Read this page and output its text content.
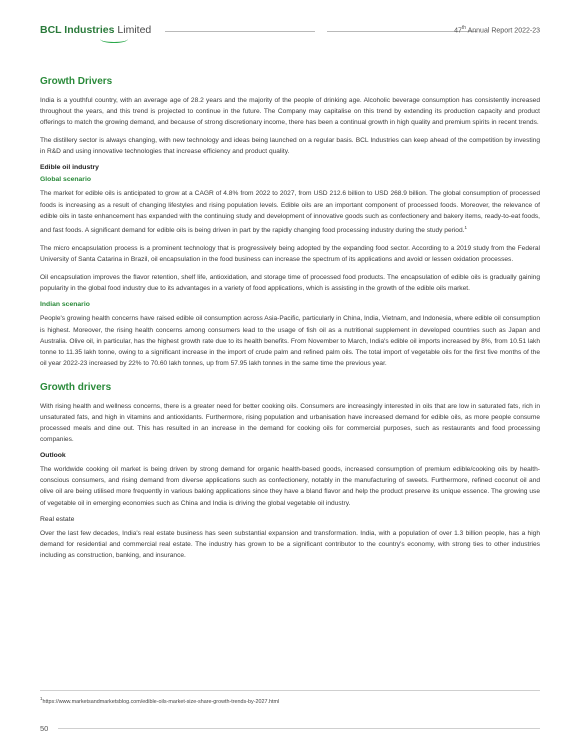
BCL Industries Limited	47th Annual Report 2022-23
Growth Drivers

India is a youthful country, with an average age of 28.2 years and the majority of the people of drinking age. Alcoholic beverage consumption has consistently increased throughout the years, and this trend is projected to continue in the future. The Company may capitalise on this trend by extending its production capacity and product offerings to match the growing demand, and because of strong discretionary income, there has been a continual growth in high quality and premium spirits in recent trends.

The distillery sector is always changing, with new technology and ideas being launched on a regular basis. BCL Industries can keep ahead of the competition by investing in R&D and using innovative technologies that increase efficiency and product quality.

Edible oil industry
Global scenario

The market for edible oils is anticipated to grow at a CAGR of 4.8% from 2022 to 2027, from USD 212.6 billion to USD 268.9 billion. The global consumption of processed foods is increasing as a result of changing lifestyles and rising population levels. Edible oils are an important component of processed foods. Moreover, the relevance of edible oils in taste enhancement has expanded with the continuing study and development of innovative goods such as confectionery and bakery items, ready-to-eat foods, and fast foods. A significant demand for edible oils is being driven in part by the rapidly changing food processing industry during the study period.$^1$

The micro encapsulation process is a prominent technology that is progressively being adopted by the expanding food sector. According to a 2019 study from the Federal University of Santa Catarina in Brazil, oil encapsulation in the food business can increase the spectrum of its applications and avoid or lessen oxidation processes.

Oil encapsulation improves the flavor retention, shelf life, antioxidation, and storage time of processed food products. The encapsulation of edible oils is gradually gaining popularity in the global food industry due to its advantages in a variety of food applications, which is assisting in the growth of the edible oils market.

Indian scenario

People's growing health concerns have raised edible oil consumption across Asia-Pacific, particularly in China, India, Vietnam, and Indonesia, where edible oil consumption is highest. Moreover, the rising health concerns among consumers lead to the usage of fish oil as a nutritional supplement in developed countries such as Japan and Australia. Olive oil, in particular, has the highest growth rate due to its health benefits. From November to March, India's edible oil imports increased by 8%, from 10.51 lakh tonne to 11.35 lakh tonne, owing to a significant increase in the import of crude palm and refined palm oils. The total import of vegetable oils for the first five months of the oil year 2022-23 increased by 22% to 70.60 lakh tonnes, up from 57.95 lakh tonnes in the same time the previous year.

Growth drivers

With rising health and wellness concerns, there is a greater need for better cooking oils. Consumers are increasingly interested in oils that are low in saturated fats, rich in unsaturated fats, and high in vitamins and antioxidants. Furthermore, rising population and urbanisation have increased demand for edible oils, as more people consume processed meals and dine out. This has resulted in an increase in the demand for cooking oils for commercial purposes, such as restaurants and food processing companies.

Outlook

The worldwide cooking oil market is being driven by strong demand for organic health-based goods, increased consumption of premium edible/cooking oils by health-conscious consumers, and rising demand from diverse applications such as confectionery, notably in the manufacturing of sweets. Furthermore, refined coconut oil and olive oil are being utilised more frequently in various baking applications since they have a bland flavor and help the product preserve its unique essence. The growing use of vegetable oil in emerging economies such as China and India is driving the global vegetable oil industry.

Real estate

Over the last few decades, India's real estate business has seen substantial expansion and transformation. India, with a population of over 1.3 billion people, has a high demand for residential and commercial real estate. The industry has grown to be a significant contributor to the country's economy, with strong ties to other industries including as construction, banking, and insurance.

$^1$https://www.marketsandmarketsblog.com/edible-oils-market-size-share-growth-trends-by-2027.html
50
